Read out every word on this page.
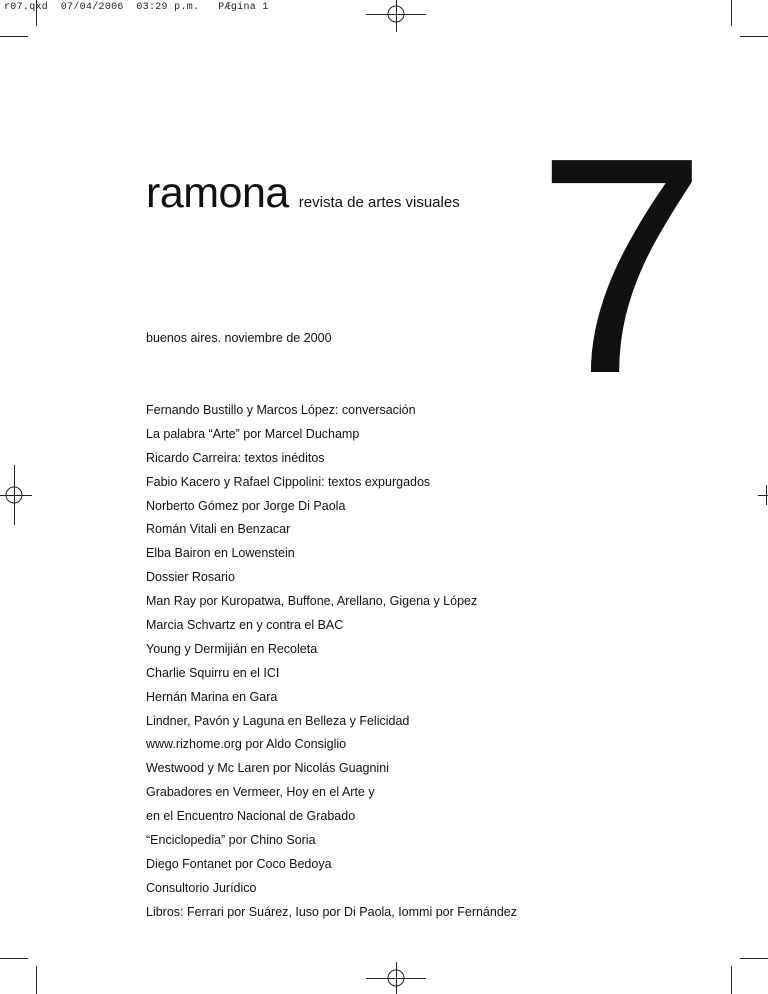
r07.qxd 07/04/2006 03:29 p.m. PÆgina 1
ramona revista de artes visuales 7
buenos aires. noviembre de 2000
Fernando Bustillo y Marcos López: conversación
La palabra “Arte” por Marcel Duchamp
Ricardo Carreira: textos inéditos
Fabio Kacero y Rafael Cippolini: textos expurgados
Norberto Gómez por Jorge Di Paola
Román Vitali en Benzacar
Elba Bairon en Lowenstein
Dossier Rosario
Man Ray por Kuropatwa, Buffone, Arellano, Gigena y López
Marcia Schvartz en y contra el BAC
Young y Dermijián en Recoleta
Charlie Squirru en el ICI
Hernán Marina en Gara
Lindner, Pavón y Laguna en Belleza y Felicidad
www.rizhome.org por Aldo Consiglio
Westwood y Mc Laren por Nicolás Guagnini
Grabadores en Vermeer, Hoy en el Arte y
en el Encuentro Nacional de Grabado
“Enciclopedia” por Chino Soria
Diego Fontanet por Coco Bedoya
Consultorio Jurídico
Libros: Ferrari por Suárez, Iuso por Di Paola, Iommi por Fernández
